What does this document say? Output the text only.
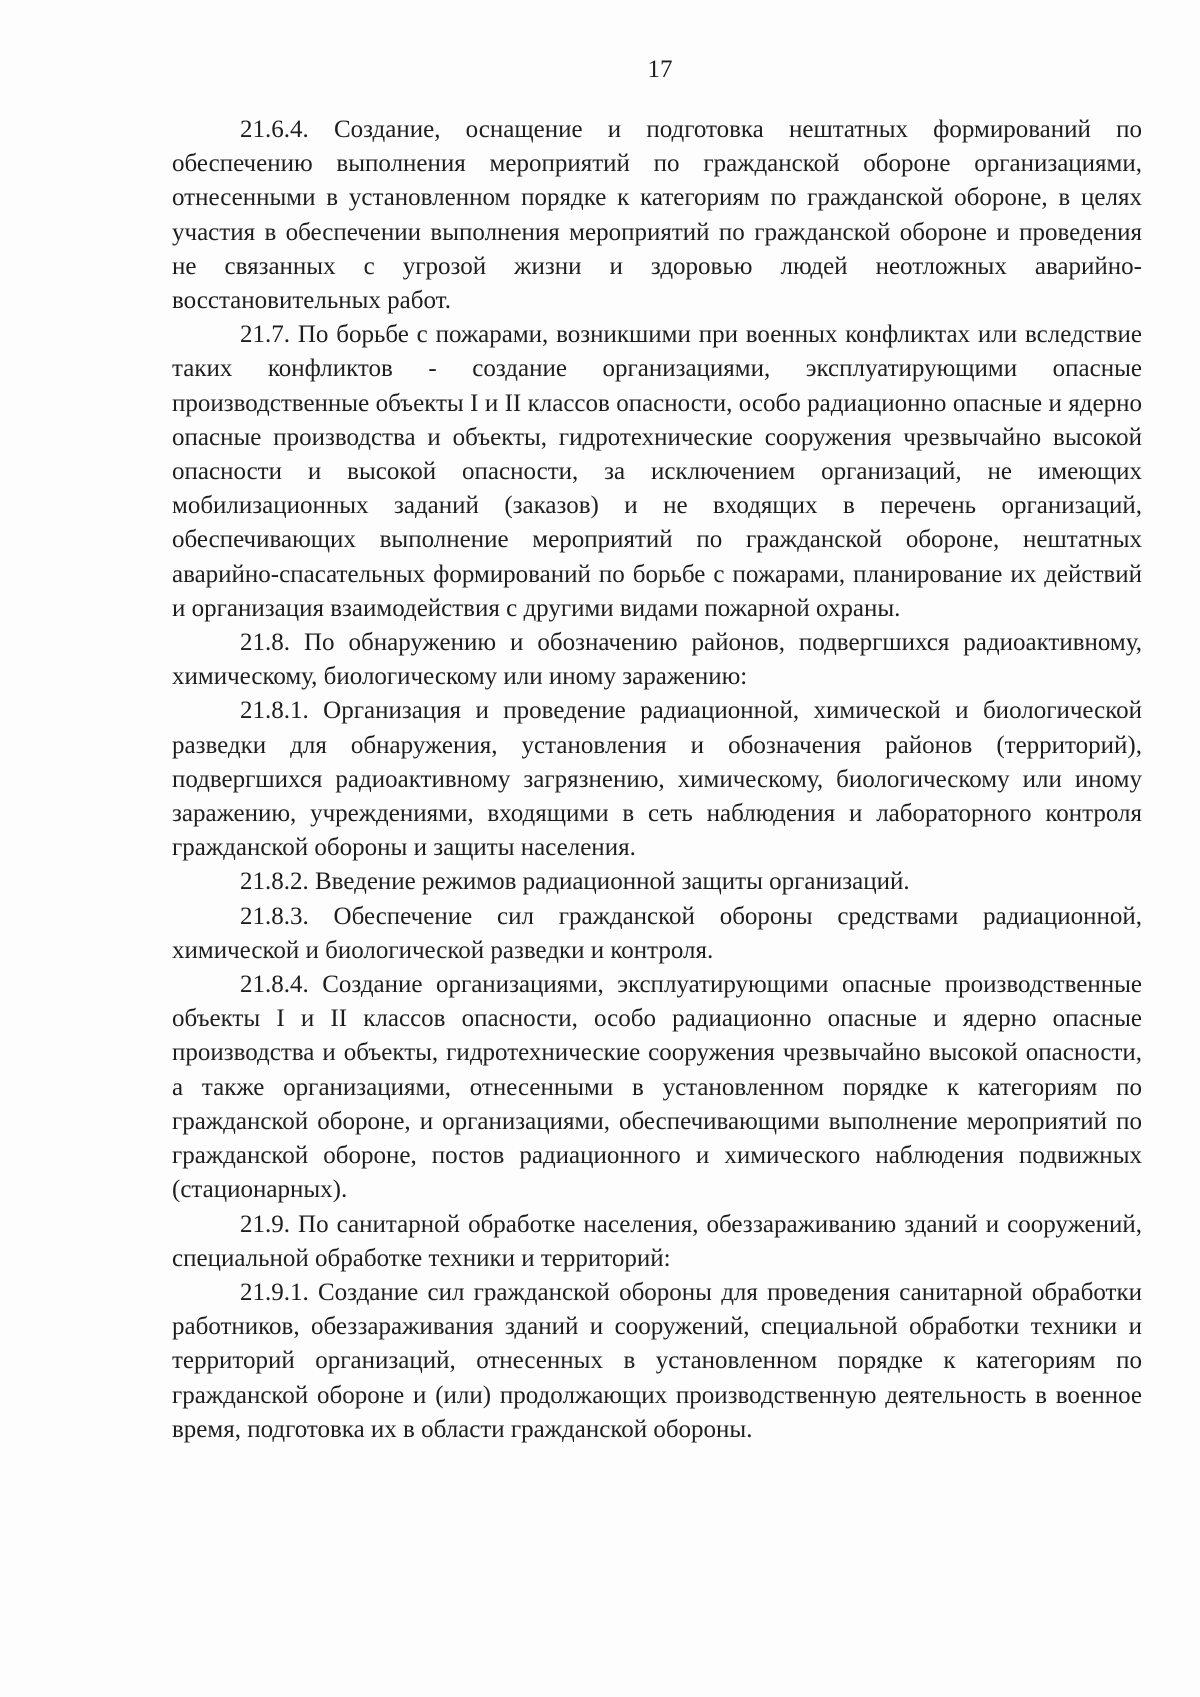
17

21.6.4. Создание, оснащение и подготовка нештатных формирований по обеспечению выполнения мероприятий по гражданской обороне организациями, отнесенными в установленном порядке к категориям по гражданской обороне, в целях участия в обеспечении выполнения мероприятий по гражданской обороне и проведения не связанных с угрозой жизни и здоровью людей неотложных аварийно-восстановительных работ.

21.7. По борьбе с пожарами, возникшими при военных конфликтах или вследствие таких конфликтов - создание организациями, эксплуатирующими опасные производственные объекты I и II классов опасности, особо радиационно опасные и ядерно опасные производства и объекты, гидротехнические сооружения чрезвычайно высокой опасности и высокой опасности, за исключением организаций, не имеющих мобилизационных заданий (заказов) и не входящих в перечень организаций, обеспечивающих выполнение мероприятий по гражданской обороне, нештатных аварийно-спасательных формирований по борьбе с пожарами, планирование их действий и организация взаимодействия с другими видами пожарной охраны.

21.8. По обнаружению и обозначению районов, подвергшихся радиоактивному, химическому, биологическому или иному заражению:

21.8.1. Организация и проведение радиационной, химической и биологической разведки для обнаружения, установления и обозначения районов (территорий), подвергшихся радиоактивному загрязнению, химическому, биологическому или иному заражению, учреждениями, входящими в сеть наблюдения и лабораторного контроля гражданской обороны и защиты населения.

21.8.2. Введение режимов радиационной защиты организаций.

21.8.3. Обеспечение сил гражданской обороны средствами радиационной, химической и биологической разведки и контроля.

21.8.4. Создание организациями, эксплуатирующими опасные производственные объекты I и II классов опасности, особо радиационно опасные и ядерно опасные производства и объекты, гидротехнические сооружения чрезвычайно высокой опасности, а также организациями, отнесенными в установленном порядке к категориям по гражданской обороне, и организациями, обеспечивающими выполнение мероприятий по гражданской обороне, постов радиационного и химического наблюдения подвижных (стационарных).

21.9. По санитарной обработке населения, обеззараживанию зданий и сооружений, специальной обработке техники и территорий:

21.9.1. Создание сил гражданской обороны для проведения санитарной обработки работников, обеззараживания зданий и сооружений, специальной обработки техники и территорий организаций, отнесенных в установленном порядке к категориям по гражданской обороне и (или) продолжающих производственную деятельность в военное время, подготовка их в области гражданской обороны.
